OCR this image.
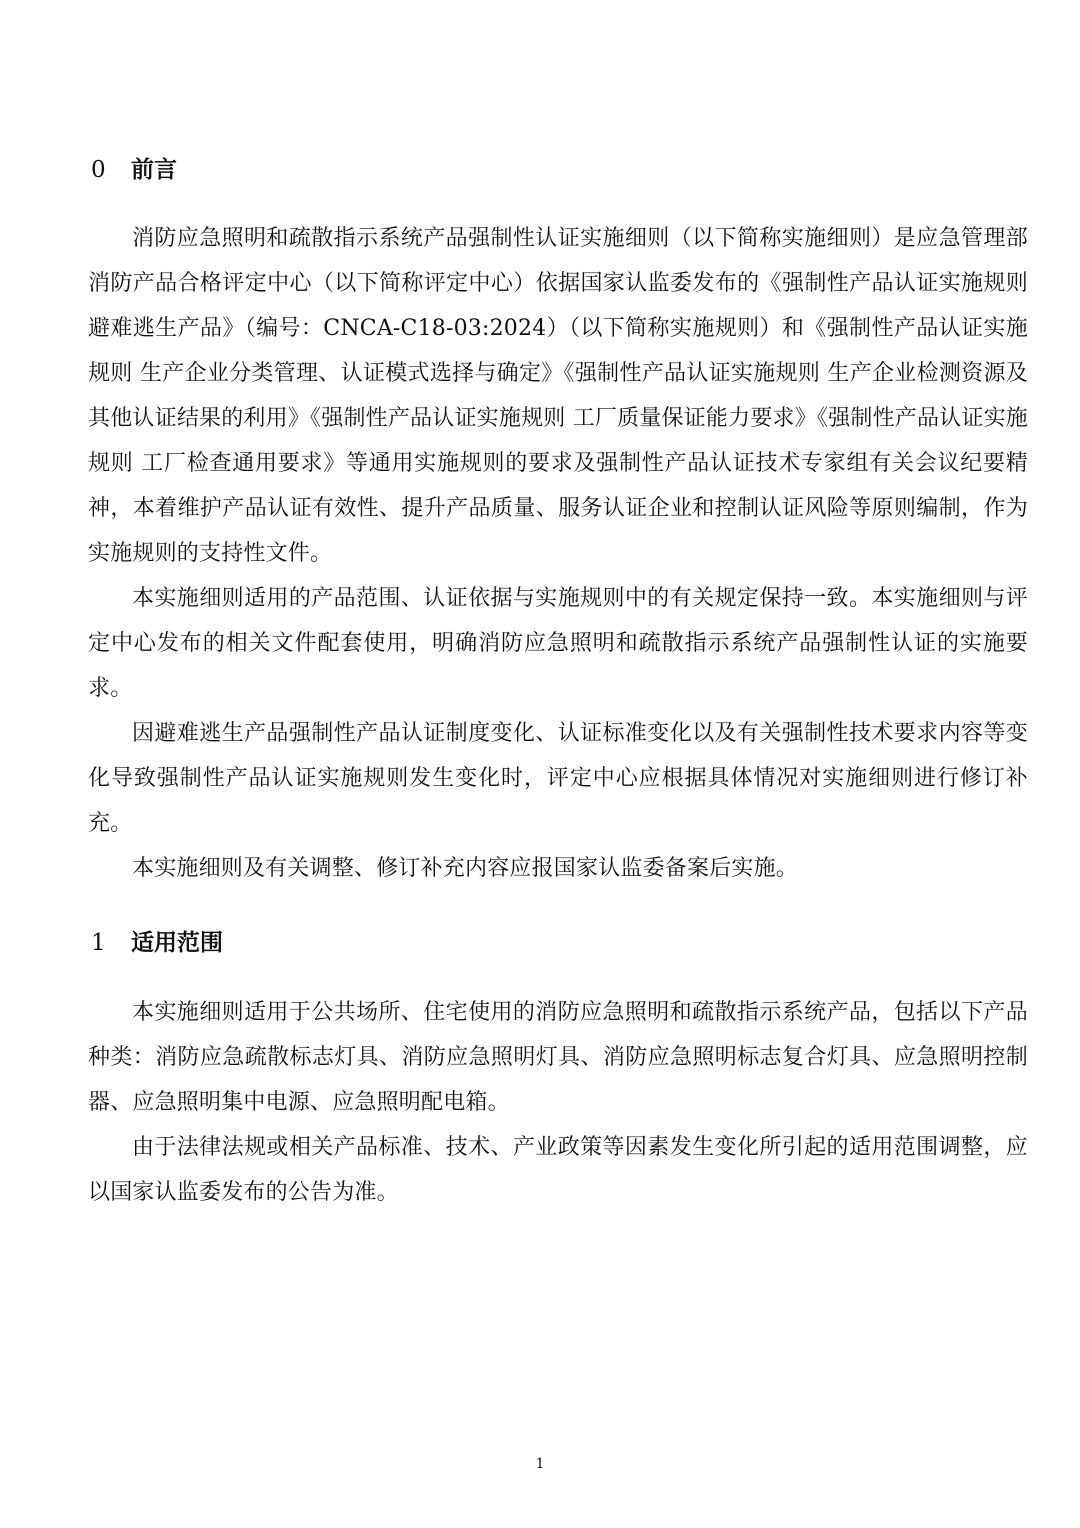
0	前言

消防应急照明和疏散指示系统产品强制性认证实施细则（以下简称实施细则）是应急管理部消防产品合格评定中心（以下简称评定中心）依据国家认监委发布的《强制性产品认证实施规则 避难逃生产品》（编号：CNCA-C18-03:2024）（以下简称实施规则）和《强制性产品认证实施规则 生产企业分类管理、认证模式选择与确定》《强制性产品认证实施规则 生产企业检测资源及其他认证结果的利用》《强制性产品认证实施规则 工厂质量保证能力要求》《强制性产品认证实施规则 工厂检查通用要求》等通用实施规则的要求及强制性产品认证技术专家组有关会议纪要精神，本着维护产品认证有效性、提升产品质量、服务认证企业和控制认证风险等原则编制，作为实施规则的支持性文件。

本实施细则适用的产品范围、认证依据与实施规则中的有关规定保持一致。本实施细则与评定中心发布的相关文件配套使用，明确消防应急照明和疏散指示系统产品强制性认证的实施要求。

因避难逃生产品强制性产品认证制度变化、认证标准变化以及有关强制性技术要求内容等变化导致强制性产品认证实施规则发生变化时，评定中心应根据具体情况对实施细则进行修订补充。

本实施细则及有关调整、修订补充内容应报国家认监委备案后实施。

1	适用范围

本实施细则适用于公共场所、住宅使用的消防应急照明和疏散指示系统产品，包括以下产品种类：消防应急疏散标志灯具、消防应急照明灯具、消防应急照明标志复合灯具、应急照明控制器、应急照明集中电源、应急照明配电箱。

由于法律法规或相关产品标准、技术、产业政策等因素发生变化所引起的适用范围调整，应以国家认监委发布的公告为准。

1
